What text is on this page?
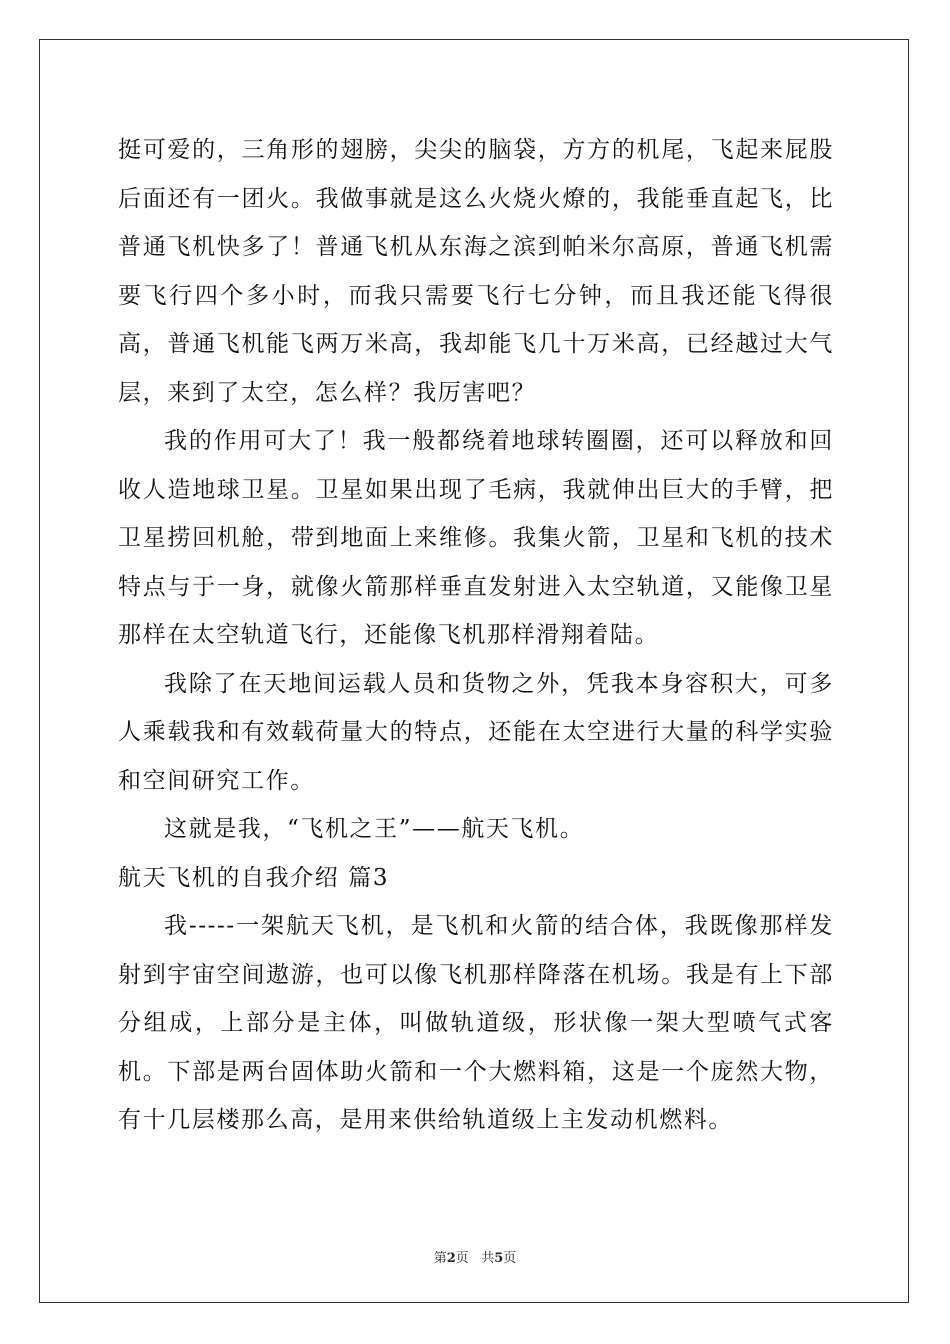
挺可爱的，三角形的翅膀，尖尖的脑袋，方方的机尾，飞起来屁股后面还有一团火。我做事就是这么火烧火燎的，我能垂直起飞，比普通飞机快多了！普通飞机从东海之滨到帕米尔高原，普通飞机需要飞行四个多小时，而我只需要飞行七分钟，而且我还能飞得很高，普通飞机能飞两万米高，我却能飞几十万米高，已经越过大气层，来到了太空，怎么样？我厉害吧？

我的作用可大了！我一般都绕着地球转圈圈，还可以释放和回收人造地球卫星。卫星如果出现了毛病，我就伸出巨大的手臂，把卫星捞回机舱，带到地面上来维修。我集火箭，卫星和飞机的技术特点与于一身，就像火箭那样垂直发射进入太空轨道，又能像卫星那样在太空轨道飞行，还能像飞机那样滑翔着陆。

我除了在天地间运载人员和货物之外，凭我本身容积大，可多人乘载我和有效载荷量大的特点，还能在太空进行大量的科学实验和空间研究工作。

这就是我，“飞机之王”——航天飞机。

航天飞机的自我介绍 篇3

我-----一架航天飞机，是飞机和火箭的结合体，我既像那样发射到宇宙空间遨游，也可以像飞机那样降落在机场。我是有上下部分组成，上部分是主体，叫做轨道级，形状像一架大型喷气式客机。下部是两台固体助火箭和一个大燃料箱，这是一个庞然大物，有十几层楼那么高，是用来供给轨道级上主发动机燃料。

第2页 共5页
